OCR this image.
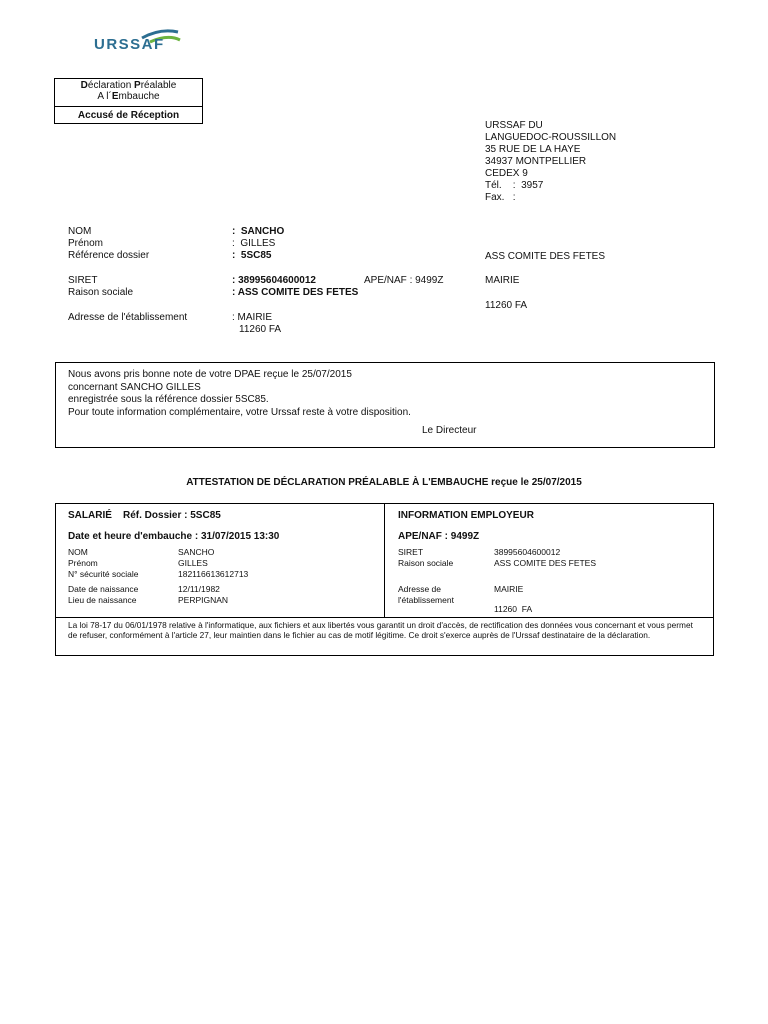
URSSAF
Déclaration Préalable
A l´Embauche
Accusé de Réception
URSSAF DU
LANGUEDOC-ROUSSILLON
35 RUE DE LA HAYE
34937 MONTPELLIER
CEDEX 9
Tél.    :  3957
Fax.   :
NOM	:  SANCHO
Prénom	:  GILLES
Référence dossier	:  5SC85
SIRET	: 38995604600012	APE/NAF : 9499Z
Raison sociale	: ASS COMITE DES FETES
Adresse de l'établissement	: MAIRIE
11260 FA
ASS COMITE DES FETES
MAIRIE
11260 FA
Nous avons pris bonne note de votre DPAE reçue le 25/07/2015
concernant SANCHO GILLES
enregistrée sous la référence dossier 5SC85.
Pour toute information complémentaire, votre Urssaf reste à votre disposition.
Le Directeur
ATTESTATION DE DÉCLARATION PRÉALABLE À L'EMBAUCHE reçue le 25/07/2015
SALARIÉ    Réf. Dossier : 5SC85
Date et heure d'embauche : 31/07/2015 13:30
INFORMATION EMPLOYEUR
APE/NAF : 9499Z
NOM	SANCHO
Prénom	GILLES
N° sécurité sociale	182116613612713
Date de naissance	12/11/1982
Lieu de naissance	PERPIGNAN
SIRET	38995604600012
Raison sociale	ASS COMITE DES FETES
Adresse de
l'établissement
MAIRIE
11260  FA
La loi 78-17 du 06/01/1978 relative à l'informatique, aux fichiers et aux libertés vous garantit un droit d'accès, de rectification des données vous concernant et vous permet de refuser, conformément à l'article 27, leur maintien dans le fichier au cas de motif légitime. Ce droit s'exerce auprès de l'Urssaf destinataire de la déclaration.
